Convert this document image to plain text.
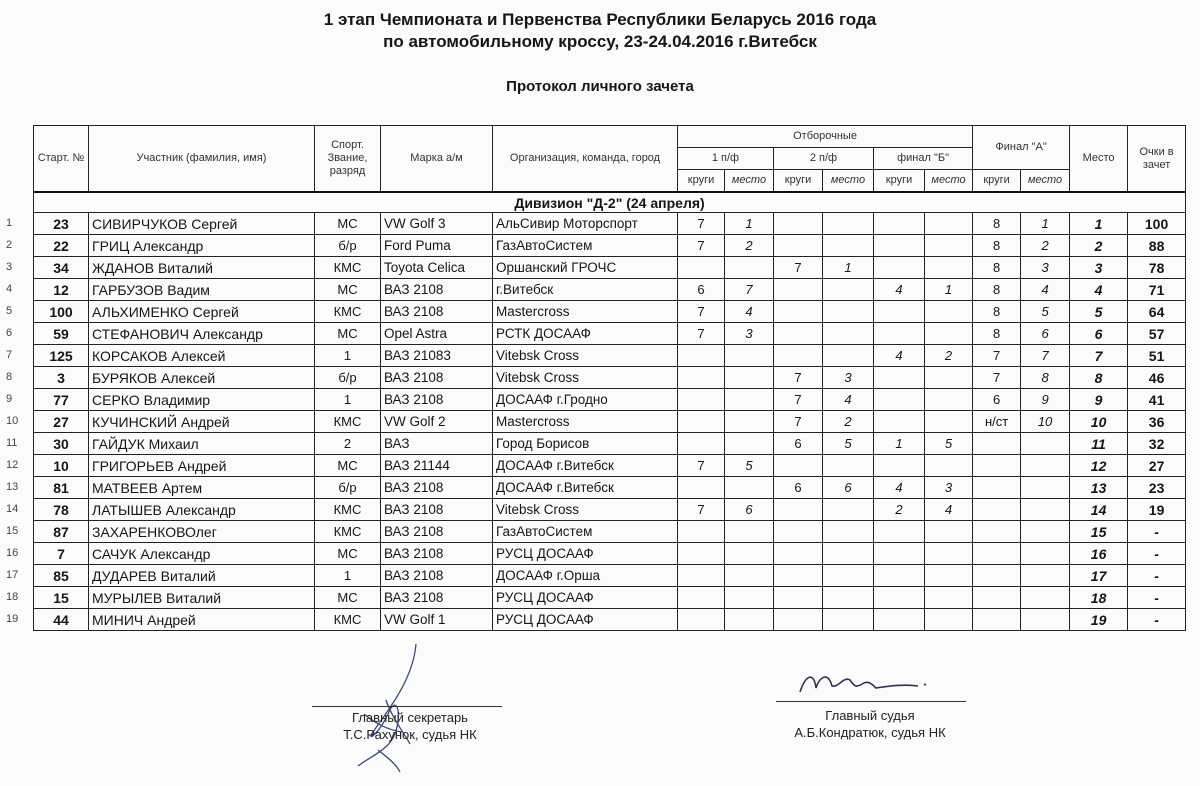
1 этап Чемпионата и Первенства Республики Беларусь 2016 года
по автомобильному кроссу, 23-24.04.2016 г.Витебск
Протокол личного зачета
Старт. №	Участник (фамилия, имя)	Спорт. Звание, разряд	Марка а/м	Организация, команда, город	Отборочные						Финал "А"		Место	Очки в зачет
					1 п/ф		2 п/ф		финал "Б"					
					круги	место	круги	место	круги	место	круги	место		
Дивизион "Д-2" (24 апреля)														
23	СИВИРЧУКОВ Сергей	МС	VW Golf 3	АльСивир Моторспорт	7	1					8	1	1	100
22	ГРИЦ Александр	б/р	Ford Puma	ГазАвтоСистем	7	2					8	2	2	88
34	ЖДАНОВ Виталий	КМС	Toyota Celica	Оршанский ГРОЧС			7	1			8	3	3	78
12	ГАРБУЗОВ Вадим	МС	ВАЗ 2108	г.Витебск	6	7			4	1	8	4	4	71
100	АЛЬХИМЕНКО Сергей	КМС	ВАЗ 2108	Mastercross	7	4					8	5	5	64
59	СТЕФАНОВИЧ Александр	МС	Opel Astra	РСТК ДОСААФ	7	3					8	6	6	57
125	КОРСАКОВ Алексей	1	ВАЗ 21083	Vitebsk Cross					4	2	7	7	7	51
3	БУРЯКОВ Алексей	б/р	ВАЗ 2108	Vitebsk Cross			7	3			7	8	8	46
77	СЕРКО Владимир	1	ВАЗ 2108	ДОСААФ г.Гродно			7	4			6	9	9	41
27	КУЧИНСКИЙ Андрей	КМС	VW Golf 2	Mastercross			7	2			н/ст	10	10	36
30	ГАЙДУК Михаил	2	ВАЗ	Город Борисов			6	5	1	5			11	32
10	ГРИГОРЬЕВ Андрей	МС	ВАЗ 21144	ДОСААФ г.Витебск	7	5							12	27
81	МАТВЕЕВ Артем	б/р	ВАЗ 2108	ДОСААФ г.Витебск			6	6	4	3			13	23
78	ЛАТЫШЕВ Александр	КМС	ВАЗ 2108	Vitebsk Cross	7	6			2	4			14	19
87	ЗАХАРЕНКОВОлег	КМС	ВАЗ 2108	ГазАвтоСистем									15	-
7	САЧУК Александр	МС	ВАЗ 2108	РУСЦ ДОСААФ									16	-
85	ДУДАРЕВ Виталий	1	ВАЗ 2108	ДОСААФ г.Орша									17	-
15	МУРЫЛЕВ Виталий	МС	ВАЗ 2108	РУСЦ ДОСААФ									18	-
44	МИНИЧ Андрей	КМС	VW Golf 1	РУСЦ ДОСААФ									19	-
1
2
3
4
5
6
7
8
9
10
11
12
13
14
15
16
17
18
19
Главный секретарь
Т.С.Рахунок, судья НК
Главный судья
А.Б.Кондратюк, судья НК
